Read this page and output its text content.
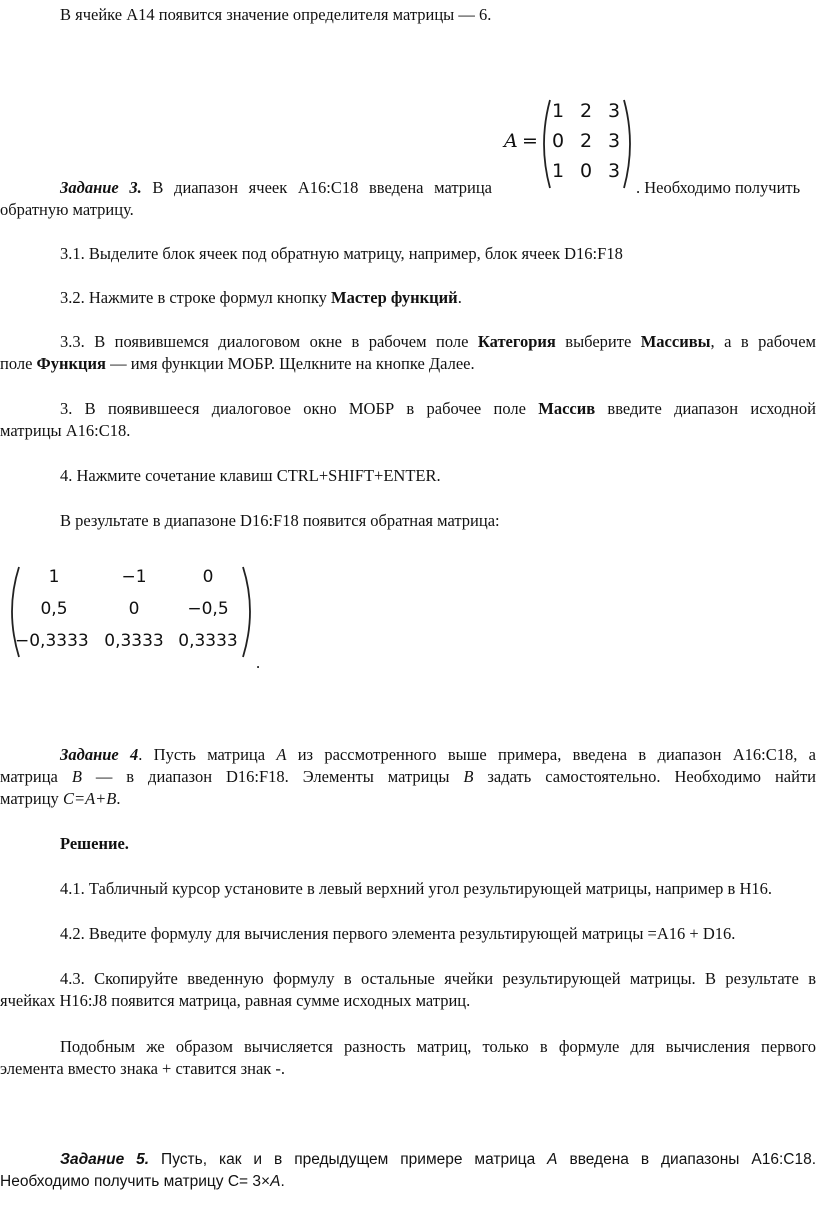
В ячейке А14 появится значение определителя матрицы — 6.
A =
1 2 3
0 2 3
1 0 3
Задание 3. В диапазон ячеек А16:С18 введена матрица	. Необходимо получить
обратную матрицу.
3.1. Выделите блок ячеек под обратную матрицу, например, блок ячеек D16:F18
3.2. Нажмите в строке формул кнопку Мастер функций.
3.3. В появившемся диалоговом окне в рабочем поле Категория выберите Массивы, а в рабочем
поле Функция — имя функции МОБР. Щелкните на кнопке Далее.
3. В появившееся диалоговое окно МОБР в рабочее поле Массив введите диапазон исходной
матрицы А16:С18.
4. Нажмите сочетание клавиш CTRL+SHIFT+ENTER.
В результате в диапазоне D16:F18 появится обратная матрица:
1	−1	0
0,5	0	−0,5
−0,3333 0,3333 0,3333
.
Задание 4. Пусть матрица A из рассмотренного выше примера, введена в диапазон А16:С18, а
матрица B — в диапазон D16:F18. Элементы матрицы B задать самостоятельно. Необходимо найти
матрицу C=A+B.
Решение.
4.1. Табличный курсор установите в левый верхний угол результирующей матрицы, например в H16.
4.2. Введите формулу для вычисления первого элемента результирующей матрицы =А16 + D16.
4.3. Скопируйте введенную формулу в остальные ячейки результирующей матрицы. В результате в
ячейках H16:J8 появится матрица, равная сумме исходных матриц.
Подобным же образом вычисляется разность матриц, только в формуле для вычисления первого
элемента вместо знака + ставится знак -.
Задание 5. Пусть, как и в предыдущем примере матрица A введена в диапазоны А16:С18.
Необходимо получить матрицу С= 3×A.
